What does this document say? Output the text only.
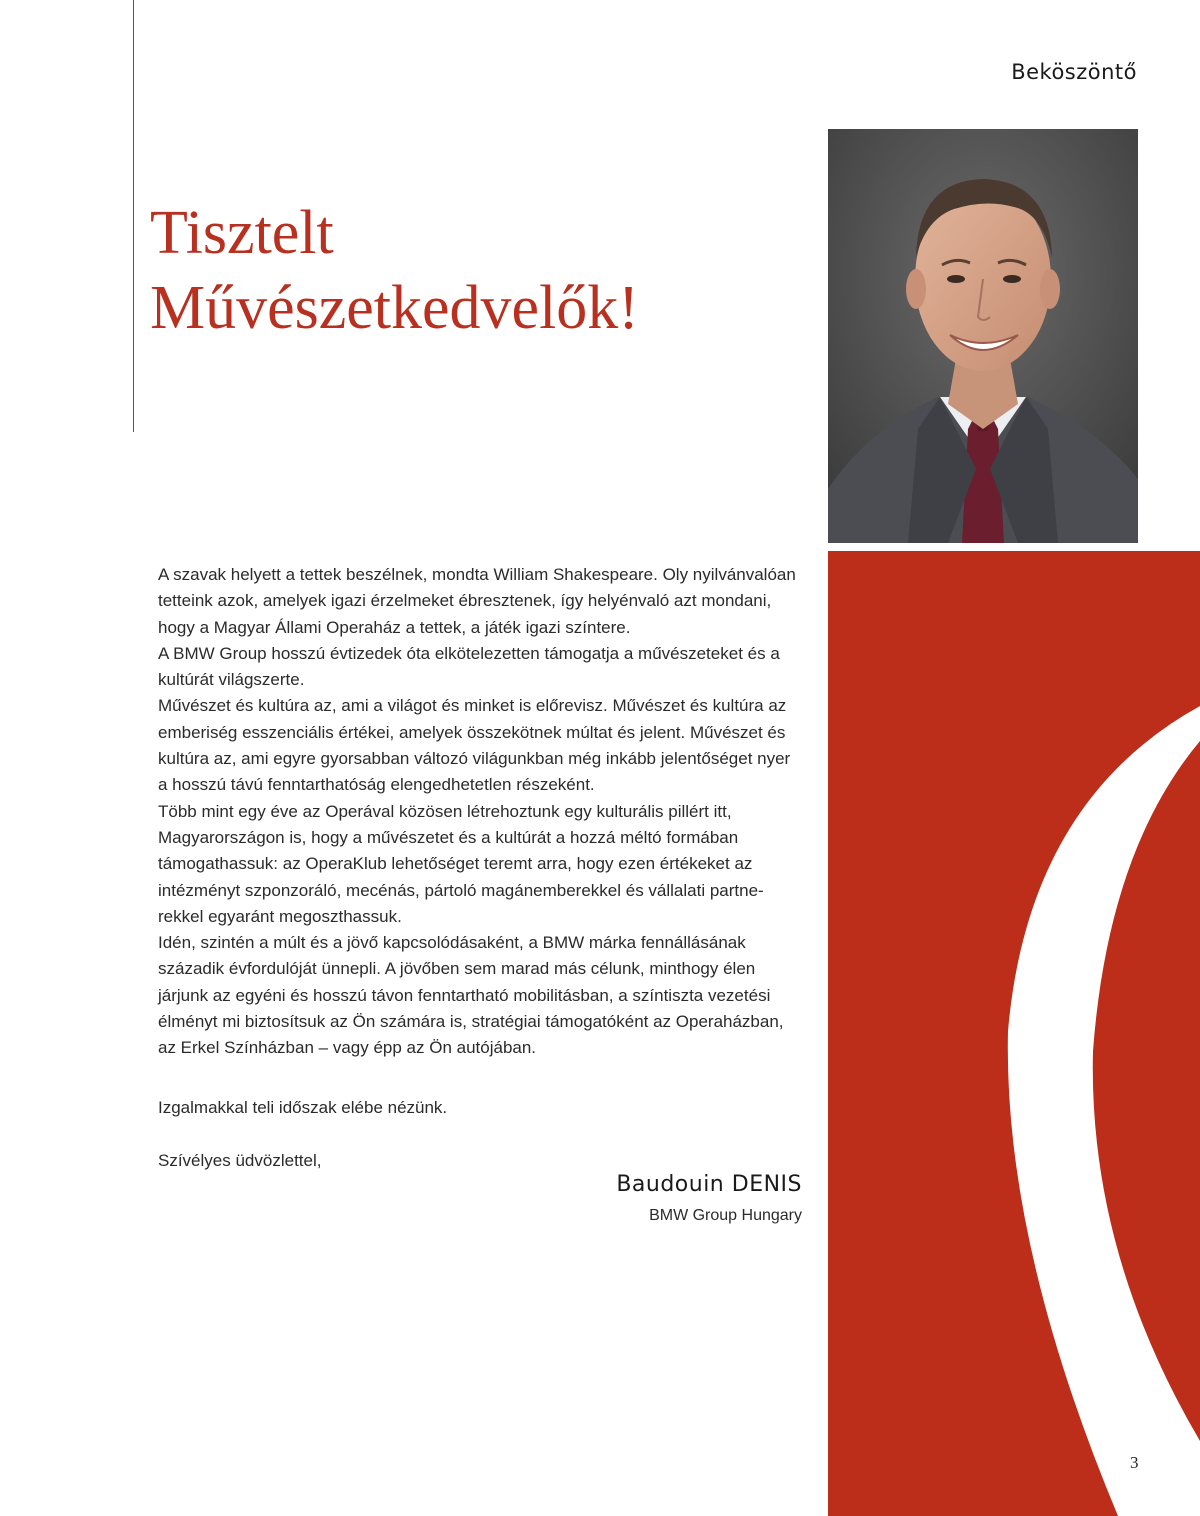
Beköszöntő
Tisztelt
Művészetkedvelők!

A szavak helyett a tettek beszélnek, mondta William Shakespeare. Oly nyilvánvalóan tetteink azok, amelyek igazi érzelmeket ébresztenek, így helyénvaló azt mondani, hogy a Magyar Állami Operaház a tettek, a játék igazi színtere.

A BMW Group hosszú évtizedek óta elkötelezetten támogatja a művészeteket és a kultúrát világszerte.

Művészet és kultúra az, ami a világot és minket is előrevisz. Művészet és kultúra az emberiség esszenciális értékei, amelyek összekötnek múltat és jelent. Művészet és kultúra az, ami egyre gyorsabban változó világunkban még inkább jelentőséget nyer a hosszú távú fenntarthatóság elengedhetetlen részeként.

Több mint egy éve az Operával közösen létrehoztunk egy kulturális pillért itt, Magyarországon is, hogy a művészetet és a kultúrát a hozzá méltó formában támogathassuk: az OperaKlub lehetőséget teremt arra, hogy ezen értékeket az intézményt szponzoráló, mecénás, pártoló magánemberekkel és vállalati partnerekkel egyaránt megoszthassuk.

Idén, szintén a múlt és a jövő kapcsolódásaként, a BMW márka fennállásának századik évfordulóját ünnepli. A jövőben sem marad más célunk, minthogy élen járjunk az egyéni és hosszú távon fenntartható mobilitásban, a színtiszta vezetési élményt mi biztosítsuk az Ön számára is, stratégiai támogatóként az Operaházban, az Erkel Színházban – vagy épp az Ön autójában.

Izgalmakkal teli időszak elébe nézünk.

Szívélyes üdvözlettel,

Baudouin DENIS
BMW Group Hungary
3
